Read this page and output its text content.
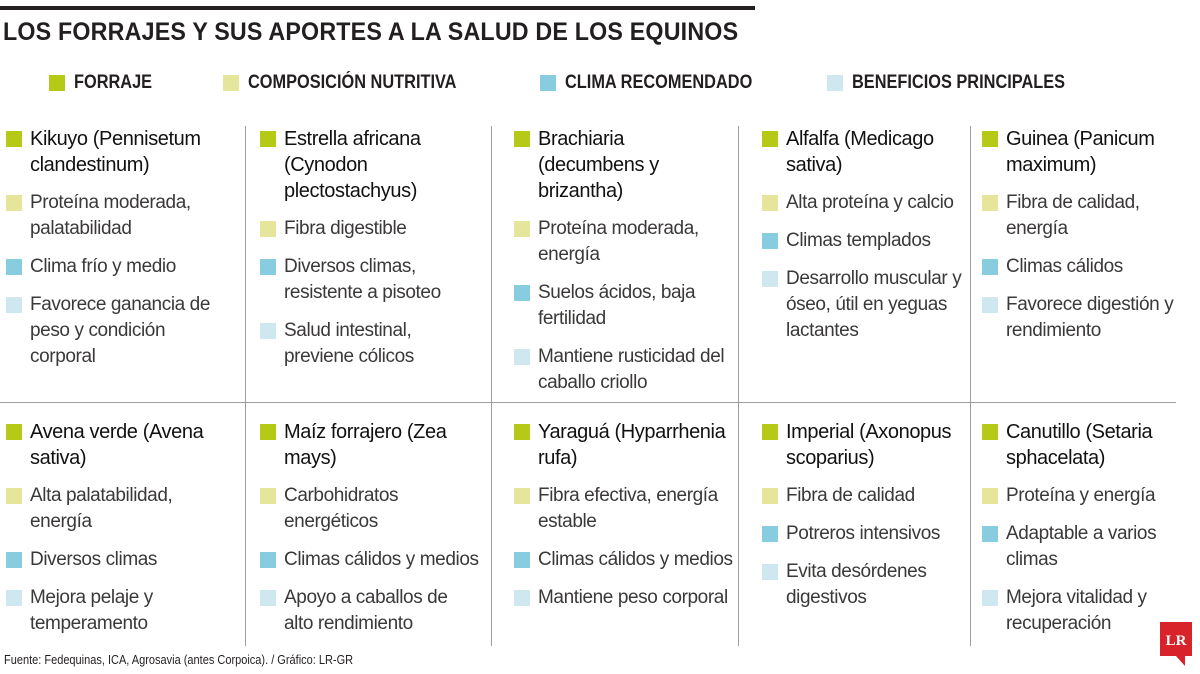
LOS FORRAJES Y SUS APORTES A LA SALUD DE LOS EQUINOS
FORRAJE	COMPOSICIÓN NUTRITIVA	CLIMA RECOMENDADO	BENEFICIOS PRINCIPALES
Kikuyo (Pennisetum clandestinum)
Proteína moderada, palatabilidad
Clima frío y medio
Favorece ganancia de peso y condición corporal
Estrella africana (Cynodon plectostachyus)
Fibra digestible
Diversos climas, resistente a pisoteo
Salud intestinal, previene cólicos
Brachiaria (decumbens y brizantha)
Proteína moderada, energía
Suelos ácidos, baja fertilidad
Mantiene rusticidad del caballo criollo
Alfalfa (Medicago sativa)
Alta proteína y calcio
Climas templados
Desarrollo muscular y óseo, útil en yeguas lactantes
Guinea (Panicum maximum)
Fibra de calidad, energía
Climas cálidos
Favorece digestión y rendimiento
Avena verde (Avena sativa)
Alta palatabilidad, energía
Diversos climas
Mejora pelaje y temperamento
Maíz forrajero (Zea mays)
Carbohidratos energéticos
Climas cálidos y medios
Apoyo a caballos de alto rendimiento
Yaraguá (Hyparrhenia rufa)
Fibra efectiva, energía estable
Climas cálidos y medios
Mantiene peso corporal
Imperial (Axonopus scoparius)
Fibra de calidad
Potreros intensivos
Evita desórdenes digestivos
Canutillo (Setaria sphacelata)
Proteína y energía
Adaptable a varios climas
Mejora vitalidad y recuperación
Fuente: Fedequinas, ICA, Agrosavia (antes Corpoica). / Gráfico: LR-GR
LR
